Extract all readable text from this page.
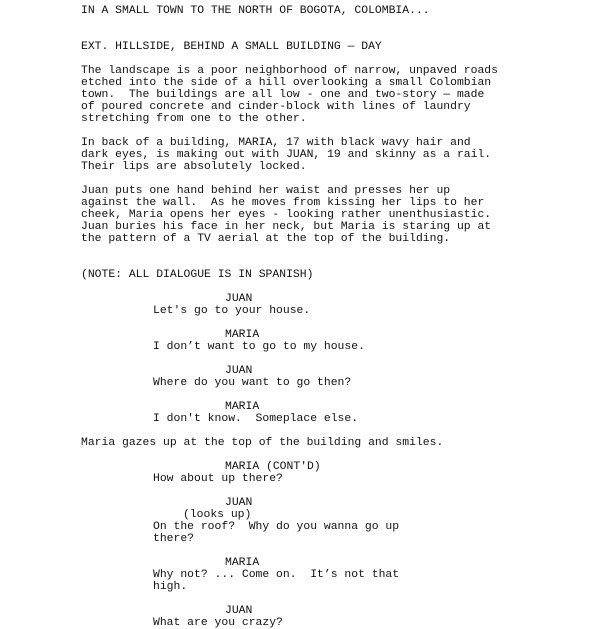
IN A SMALL TOWN TO THE NORTH OF BOGOTA, COLOMBIA...
EXT. HILLSIDE, BEHIND A SMALL BUILDING — DAY
The landscape is a poor neighborhood of narrow, unpaved roads
etched into the side of a hill overlooking a small Colombian
town.  The buildings are all low - one and two-story — made
of poured concrete and cinder-block with lines of laundry
stretching from one to the other.
In back of a building, MARIA, 17 with black wavy hair and
dark eyes, is making out with JUAN, 19 and skinny as a rail.
Their lips are absolutely locked.
Juan puts one hand behind her waist and presses her up
against the wall.  As he moves from kissing her lips to her
cheek, Maria opens her eyes - looking rather unenthusiastic.
Juan buries his face in her neck, but Maria is staring up at
the pattern of a TV aerial at the top of the building.
(NOTE: ALL DIALOGUE IS IN SPANISH)
JUAN
Let's go to your house.
MARIA
I don’t want to go to my house.
JUAN
Where do you want to go then?
MARIA
I don't know.  Someplace else.
Maria gazes up at the top of the building and smiles.
MARIA (CONT'D)
How about up there?
JUAN
(looks up)
On the roof?  Why do you wanna go up
there?
MARIA
Why not? ... Come on.  It’s not that
high.
JUAN
What are you crazy?
